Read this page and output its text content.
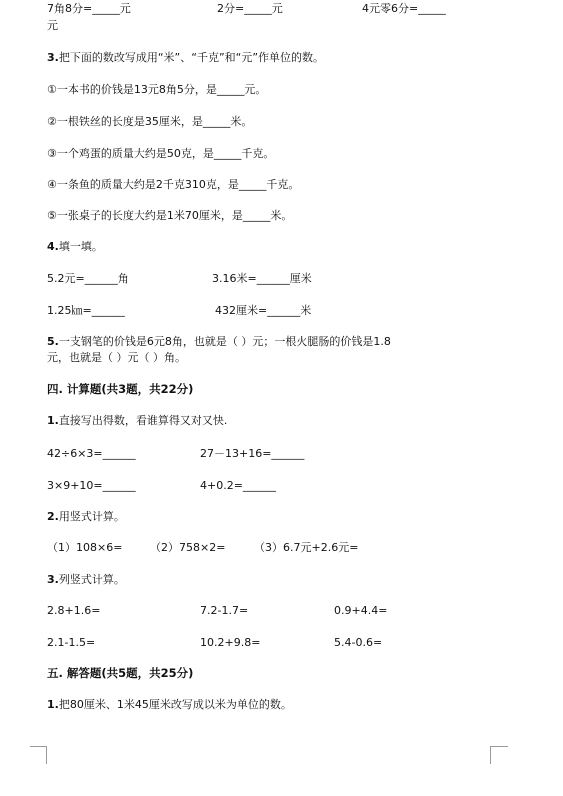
7角8分=_____元	2分=_____元	4元零6分=_____
元
3.把下面的数改写成用“米”、“千克”和“元”作单位的数。
①一本书的价钱是13元8角5分，是_____元。
②一根铁丝的长度是35厘米，是_____米。
③一个鸡蛋的质量大约是50克，是_____千克。
④一条鱼的质量大约是2千克310克，是_____千克。
⑤一张桌子的长度大约是1米70厘米，是_____米。
4.填一填。
5.2元=______角	3.16米=______厘米
1.25㎞=______	432厘米=______米
5.一支钢笔的价钱是6元8角，也就是（ ）元；一根火腿肠的价钱是1.8
元，也就是（ ）元（ ）角。
四. 计算题(共3题，共22分)
1.直接写出得数，看谁算得又对又快.
42÷6×3=______	27－13+16=______
3×9+10=______	4+0.2=______
2.用竖式计算。
（1）108×6=	（2）758×2=	（3）6.7元+2.6元=
3.列竖式计算。
2.8+1.6=	7.2-1.7=	0.9+4.4=
2.1-1.5=	10.2+9.8=	5.4-0.6=
五. 解答题(共5题，共25分)
1.把80厘米、1米45厘米改写成以米为单位的数。
